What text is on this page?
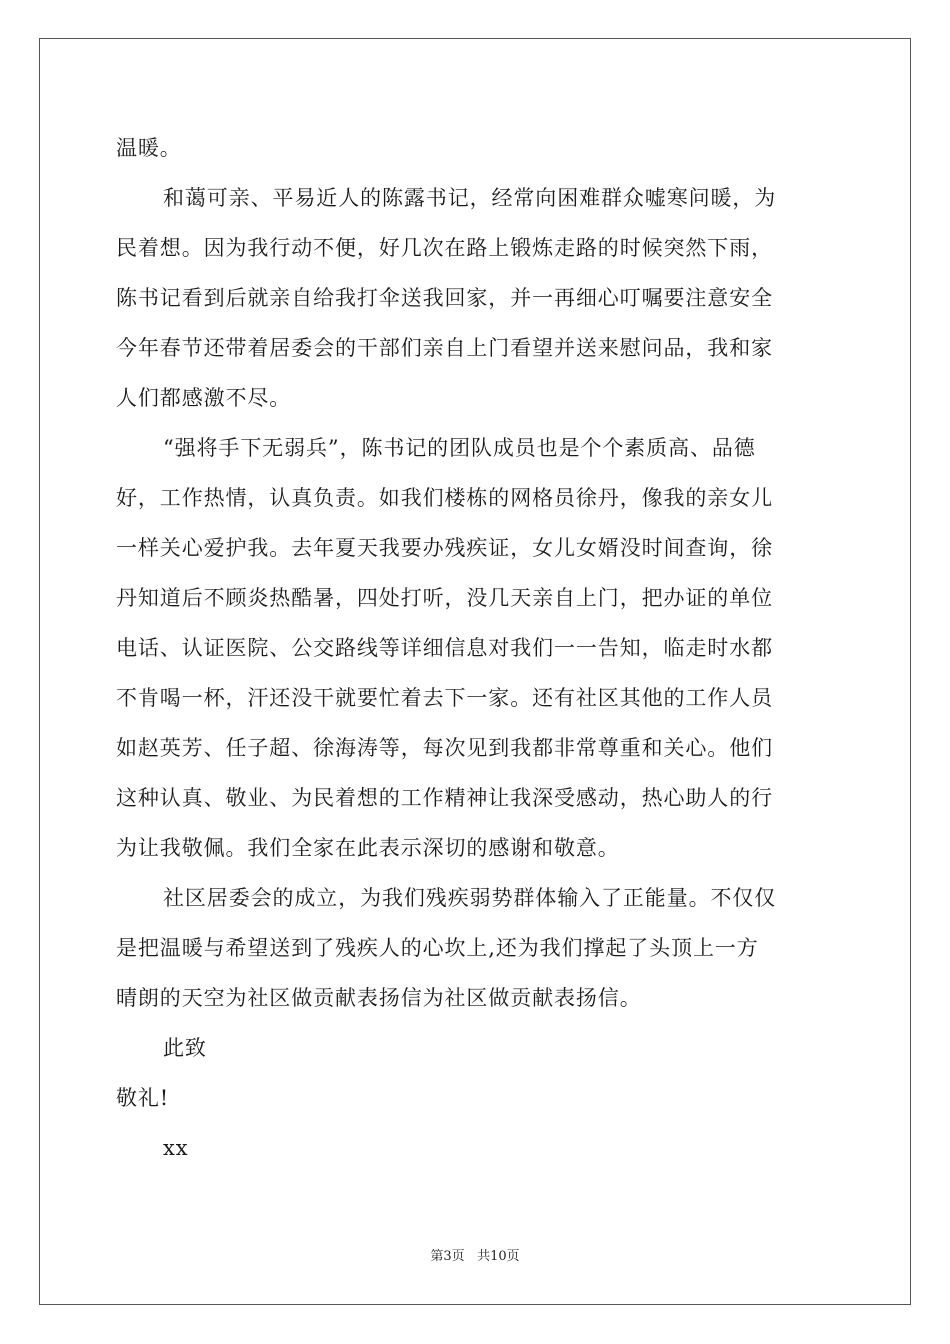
温暖。
和蔼可亲、平易近人的陈露书记，经常向困难群众嘘寒问暖，为
民着想。因为我行动不便，好几次在路上锻炼走路的时候突然下雨，
陈书记看到后就亲自给我打伞送我回家，并一再细心叮嘱要注意安全
今年春节还带着居委会的干部们亲自上门看望并送来慰问品，我和家
人们都感激不尽。
“强将手下无弱兵”，陈书记的团队成员也是个个素质高、品德
好，工作热情，认真负责。如我们楼栋的网格员徐丹，像我的亲女儿
一样关心爱护我。去年夏天我要办残疾证，女儿女婿没时间查询，徐
丹知道后不顾炎热酷暑，四处打听，没几天亲自上门，把办证的单位
电话、认证医院、公交路线等详细信息对我们一一告知，临走时水都
不肯喝一杯，汗还没干就要忙着去下一家。还有社区其他的工作人员
如赵英芳、任子超、徐海涛等，每次见到我都非常尊重和关心。他们
这种认真、敬业、为民着想的工作精神让我深受感动，热心助人的行
为让我敬佩。我们全家在此表示深切的感谢和敬意。
社区居委会的成立，为我们残疾弱势群体输入了正能量。不仅仅
是把温暖与希望送到了残疾人的心坎上,还为我们撑起了头顶上一方
晴朗的天空为社区做贡献表扬信为社区做贡献表扬信。
此致
敬礼!
xx
第3页 共10页
